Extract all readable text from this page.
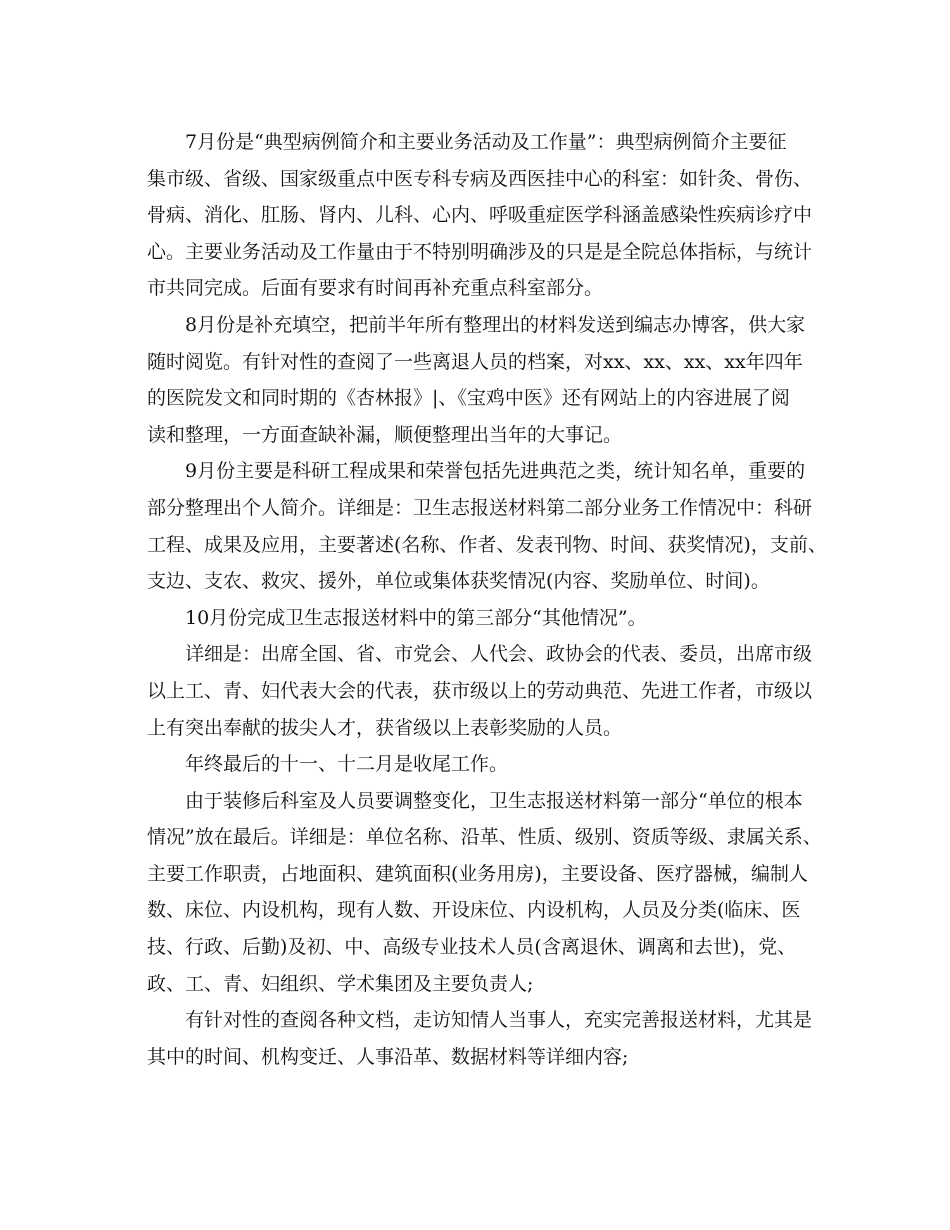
7月份是“典型病例简介和主要业务活动及工作量”：典型病例简介主要征
集市级、省级、国家级重点中医专科专病及西医挂中心的科室：如针灸、骨伤、
骨病、消化、肛肠、肾内、儿科、心内、呼吸重症医学科涵盖感染性疾病诊疗中
心。主要业务活动及工作量由于不特别明确涉及的只是是全院总体指标，与统计
市共同完成。后面有要求有时间再补充重点科室部分。
8月份是补充填空，把前半年所有整理出的材料发送到编志办博客，供大家
随时阅览。有针对性的查阅了一些离退人员的档案，对xx、xx、xx、xx年四年
的医院发文和同时期的《杏林报》|、《宝鸡中医》还有网站上的内容进展了阅
读和整理，一方面查缺补漏，顺便整理出当年的大事记。
9月份主要是科研工程成果和荣誉包括先进典范之类，统计知名单，重要的
部分整理出个人简介。详细是：卫生志报送材料第二部分业务工作情况中：科研
工程、成果及应用，主要著述(名称、作者、发表刊物、时间、获奖情况)，支前、
支边、支农、救灾、援外，单位或集体获奖情况(内容、奖励单位、时间)。
10月份完成卫生志报送材料中的第三部分“其他情况”。
详细是：出席全国、省、市党会、人代会、政协会的代表、委员，出席市级
以上工、青、妇代表大会的代表，获市级以上的劳动典范、先进工作者，市级以
上有突出奉献的拔尖人才，获省级以上表彰奖励的人员。
年终最后的十一、十二月是收尾工作。
由于装修后科室及人员要调整变化，卫生志报送材料第一部分“单位的根本
情况”放在最后。详细是：单位名称、沿革、性质、级别、资质等级、隶属关系、
主要工作职责，占地面积、建筑面积(业务用房)，主要设备、医疗器械，编制人
数、床位、内设机构，现有人数、开设床位、内设机构，人员及分类(临床、医
技、行政、后勤)及初、中、高级专业技术人员(含离退休、调离和去世)，党、
政、工、青、妇组织、学术集团及主要负责人;
有针对性的查阅各种文档，走访知情人当事人，充实完善报送材料，尤其是
其中的时间、机构变迁、人事沿革、数据材料等详细内容;
